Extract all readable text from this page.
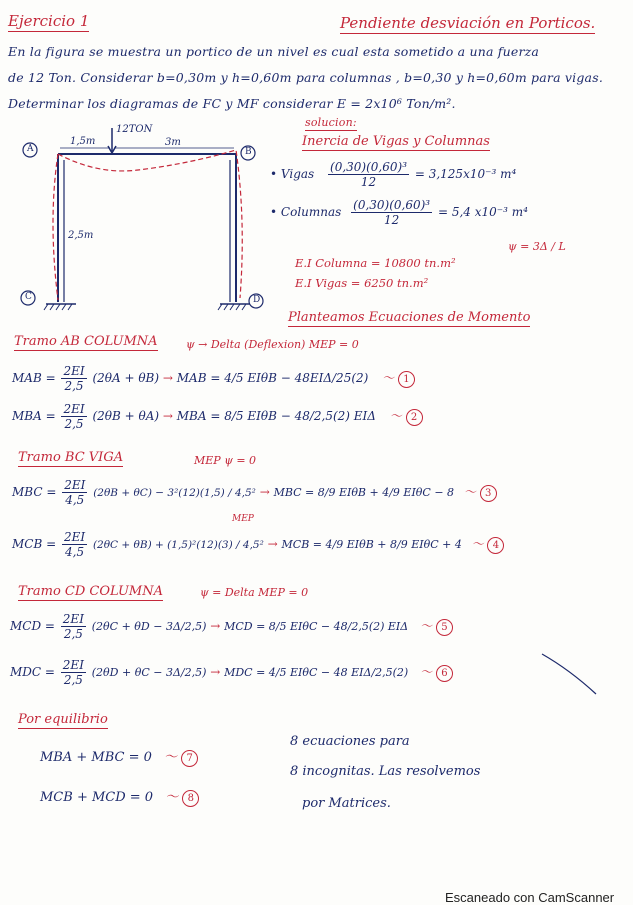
Ejercicio 1	Pendiente desviación en Porticos.
En la figura se muestra un portico de un nivel es cual esta sometido a una fuerza
de 12 Ton. Considerar b=0,30m y h=0,60m para columnas , b=0,30 y h=0,60m para vigas.
Determinar los diagramas de FC y MF considerar E = 2x10⁶ Ton/m².
solucion:
A	B
C	D
12TON
1,5m	3m
2,5m
Inercia de Vigas y Columnas
• Vigas $\frac{\text{(0,30)(0,60)³}}{12} = 3,125x10^{-3}$ m⁴
• Columnas $\frac{\text{(0,30)(0,60)³}}{12} = 5,4$ x10⁻³ m⁴
ψ = 3Δ / L
E.I Columna = 10800 tn.m²
E.I Vigas = 6250 tn.m²
Planteamos Ecuaciones de Momento
Tramo AB COLUMNA	ψ → Delta (Deflexion) MEP = 0
MAB = $\frac{2EI}{2,5} (2\theta A + \theta B)$ → MAB = 4/5 EIθB − 48EIΔ/25(2) 〜 1
MBA = $\frac{2EI}{2,5} (2\theta B + \theta A)$ → MBA = 8/5 EIθB − 48/2,5(2) EIΔ 〜 2
Tramo BC VIGA	MEP ψ = 0
MBC = $\frac{2EI}{4,5} (2\theta B + \theta C) - 3^2(12)(1,5) / 4,5^2$ → MBC = 8/9 EIθB + 4/9 EIθC − 8 〜 3
MEP
MCB = $\frac{2EI}{4,5} (2\theta C + \theta B) + (1,5)^2(12)(3) / 4,5^2$ → MCB = 4/9 EIθB + 8/9 EIθC + 4 〜 4
Tramo CD COLUMNA	ψ = Delta MEP = 0
MCD = $\frac{2EI}{2,5} (2\theta C + \theta D - 3\Delta/2,5)$ → MCD = 8/5 EIθC − 48/2,5(2) EIΔ 〜 5
MDC = $\frac{2EI}{2,5} (2\theta D + \theta C - 3\Delta/2,5)$ → MDC = 4/5 EIθC − 48 EIΔ/2,5(2) 〜 6
Por equilibrio
MBA + MBC = 0 〜 7
MCB + MCD = 0 〜 8
8 ecuaciones para
8 incognitas. Las resolvemos
por Matrices.
Escaneado con CamScanner
